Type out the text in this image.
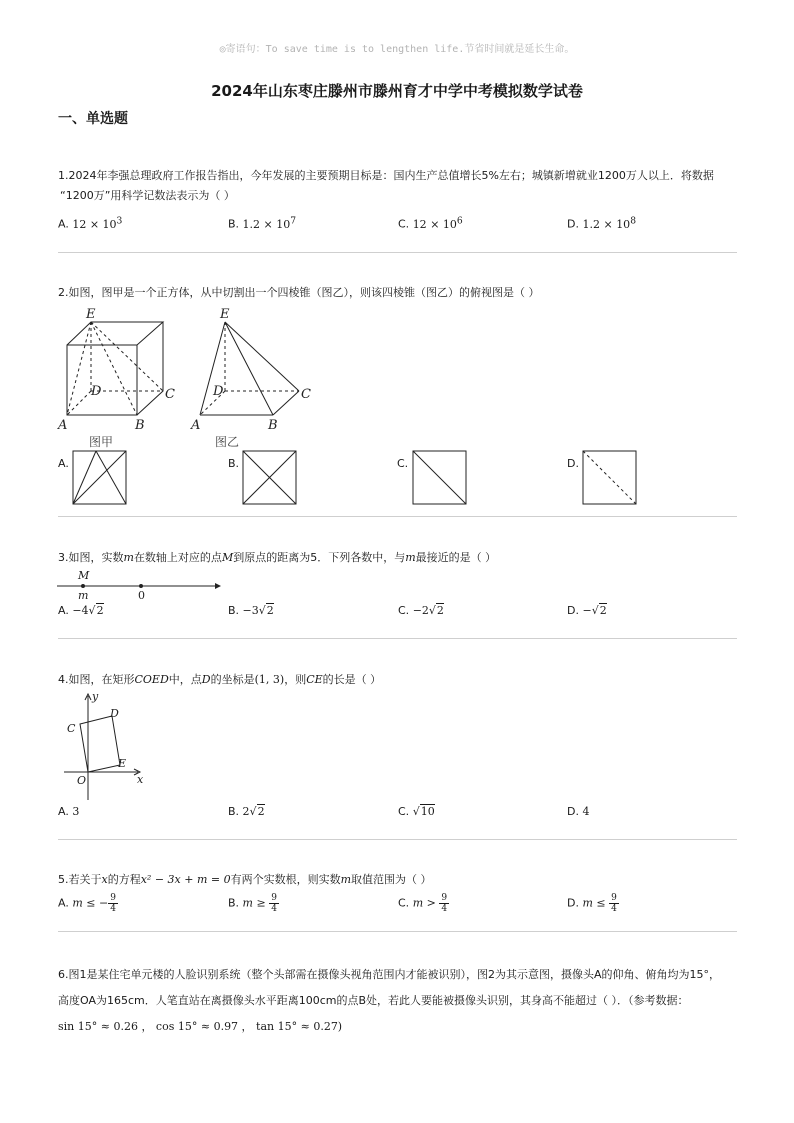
◎寄语句：To save time is to lengthen life.节省时间就是延长生命。
2024年山东枣庄滕州市滕州育才中学中考模拟数学试卷
一、单选题

1.2024年李强总理政府工作报告指出，今年发展的主要预期目标是：国内生产总值增长5%左右；城镇新增就业1200万人以上．将数据

“1200万”用科学记数法表示为（ ）

A. $12 \times 10^3$	B. $1.2 \times 10^7$	C. $12 \times 10^6$	D. $1.2 \times 10^8$

2.如图，图甲是一个正方体，从中切割出一个四棱锥（图乙），则该四棱锥（图乙）的俯视图是（ ）

E
D	C
A	B
E
D	C
A	B
图甲	图乙
A.	B.	C.	D.

3.如图，实数m在数轴上对应的点M到原点的距离为5．下列各数中，与m最接近的是（ ）

M
m	0
A. −4√2	B. −3√2	C. −2√2	D. −√2

4.如图，在矩形COED中，点D的坐标是(1, 3)，则CE的长是（ ）

y
x
O
C
D
E
A. 3	B. 2√2	C. √10	D. 4

5.若关于x的方程x² − 3x + m = 0有两个实数根，则实数m取值范围为（ ）

A. m ≤ − $\frac{9}{4}$	B. $m \ge \frac{9}{4}$	C. $m > \frac{9}{4}$	D. $m \le \frac{9}{4}$

6.图1是某住宅单元楼的人脸识别系统（整个头部需在摄像头视角范围内才能被识别），图2为其示意图，摄像头A的仰角、俯角均为15°，

高度OA为165cm．人笔直站在离摄像头水平距离100cm的点B处，若此人要能被摄像头识别，其身高不能超过（ ）．（参考数据：

sin 15° ≈ 0.26 ， cos 15° ≈ 0.97 ， tan 15° ≈ 0.27)
